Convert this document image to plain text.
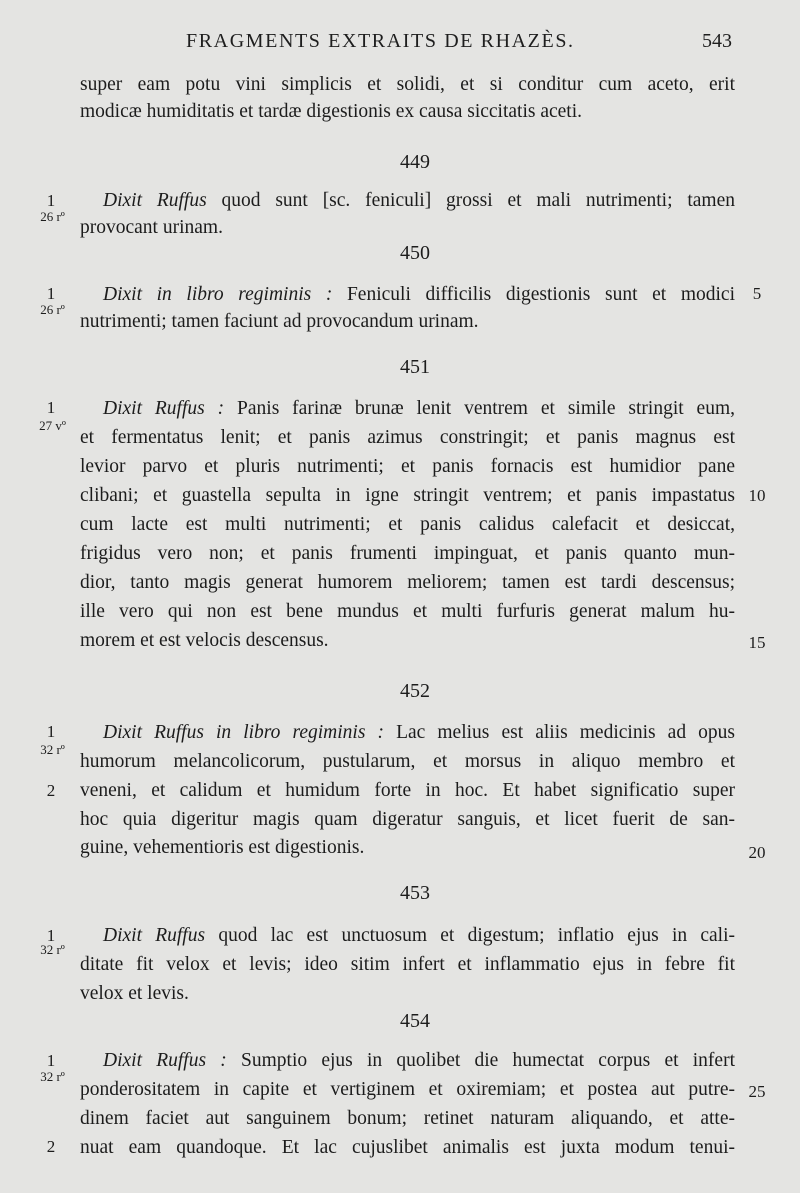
FRAGMENTS EXTRAITS DE RHAZÈS.	543
super eam potu vini simplicis et solidi, et si conditur cum aceto, erit
modicæ humiditatis et tardæ digestionis ex causa siccitatis aceti.
449
1
26 rº
Dixit Ruffus quod sunt [sc. feniculi] grossi et mali nutrimenti; tamen
provocant urinam.
450
1
26 rº
Dixit in libro regiminis : Feniculi difficilis digestionis sunt et modici	5
nutrimenti; tamen faciunt ad provocandum urinam.
451
1
27 vº
Dixit Ruffus : Panis farinæ brunæ lenit ventrem et simile stringit eum,
et fermentatus lenit; et panis azimus constringit; et panis magnus est
levior parvo et pluris nutrimenti; et panis fornacis est humidior pane
clibani; et guastella sepulta in igne stringit ventrem; et panis impastatus 10
cum lacte est multi nutrimenti; et panis calidus calefacit et desiccat,
frigidus vero non; et panis frumenti impinguat, et panis quanto mun-
dior, tanto magis generat humorem meliorem; tamen est tardi descensus;
ille vero qui non est bene mundus et multi furfuris generat malum hu-
morem et est velocis descensus.	15
452
1
32 rº
2
Dixit Ruffus in libro regiminis : Lac melius est aliis medicinis ad opus
humorum melancolicorum, pustularum, et morsus in aliquo membro et
veneni, et calidum et humidum forte in hoc. Et habet significatio super
hoc quia digeritur magis quam digeratur sanguis, et licet fuerit de san-
guine, vehementioris est digestionis.	20
453
1
32 rº
Dixit Ruffus quod lac est unctuosum et digestum; inflatio ejus in cali-
ditate fit velox et levis; ideo sitim infert et inflammatio ejus in febre fit
velox et levis.
454
1
32 rº
2
Dixit Ruffus : Sumptio ejus in quolibet die humectat corpus et infert
ponderositatem in capite et vertiginem et oxiremiam; et postea aut putre- 25
dinem faciet aut sanguinem bonum; retinet naturam aliquando, et atte-
nuat eam quandoque. Et lac cujuslibet animalis est juxta modum tenui-
